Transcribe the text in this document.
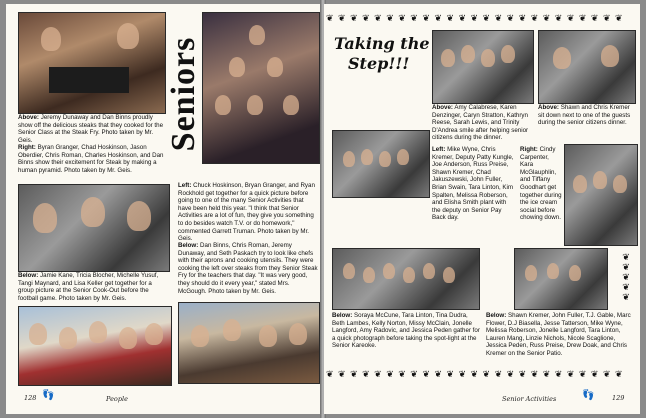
Above: Jeremy Dunaway and Dan Binns proudly show off the delicious steaks that they cooked for the Senior Class at the Steak Fry. Photo taken by Mr. Geis.
Right: Byran Granger, Chad Hoskinson, Jason Oberdier, Chris Roman, Charles Hoskinson, and Dan Binns show their excitement for Steak by making a human pyramid. Photo taken by Mr. Geis.
Seniors
Left: Chuck Hoskinson, Bryan Granger, and Ryan Rockhold get together for a quick picture before going to one of the many Senior Activities that have been held this year. "I think that Senior Activities are a lot of fun, they give you something to do besides watch T.V. or do homework," commented Garrett Truman. Photo taken by Mr. Geis.
Below: Dan Binns, Chris Roman, Jeremy Dunaway, and Seth Paskach try to look like chefs with their aprons and cooking utensils. They were cooking the left over steaks from they Senior Steak Fry for the teachers that day. "It was very good, they should do it every year," stated Mrs. McGough. Photo taken by Mr. Geis.
Below: Jamie Kane, Tricia Blocher, Michelle Yusuf, Tangi Maynard, and Lisa Keller get together for a group picture at the Senior Cook-Out before the football game. Photo taken by Mr. Geis.
128 👣	People
❦ ❦ ❦ ❦ ❦ ❦ ❦ ❦ ❦ ❦ ❦ ❦ ❦ ❦ ❦ ❦ ❦ ❦ ❦ ❦ ❦ ❦ ❦ ❦ ❦
Taking the
Step!!!
Above: Amy Calabrese, Karen Denzinger, Caryn Stratton, Kathryn Reese, Sarah Lewis, and Trinity D'Andrea smile after helping senior citizens during the dinner.
Above: Shawn and Chris Kremer sit down next to one of the guests during the senior citizens dinner.
Left: Mike Wyne, Chris Kremer, Deputy Patty Kungle, Joe Anderson, Russ Preise, Shawn Kremer, Chad Jakuszewski, John Fuller, Brian Swain, Tara Linton, Kim Spalten, Melissa Roberson, and Elisha Smith plant with the deputy on Senior Pay Back day.
Right: Cindy Carpenter, Kara McGlauphlin, and Tiffany Goodhart get together during the ice cream social before chowing down.
❦
❦
❦
❦
❦
Below: Soraya McCune, Tara Linton, Tina Dudra, Beth Lambes, Kelly Norton, Missy McClain, Jonelle Langford, Amy Radovic, and Jessica Peden gather for a quick photograph before taking the spot-light at the Senior Kareoke.
Below: Shawn Kremer, John Fuller, T.J. Gable, Marc Flower, D.J Biasella, Jesse Tatterson, Mike Wyne, Melissa Roberson, Jonelle Langford, Tara Linton, Lauren Mang, Linzie Nichols, Nicole Scaglione, Jessica Peden, Russ Preise, Drew Doak, and Chris Kremer on the Senior Patio.
❦ ❦ ❦ ❦ ❦ ❦ ❦ ❦ ❦ ❦ ❦ ❦ ❦ ❦ ❦ ❦ ❦ ❦ ❦ ❦ ❦ ❦ ❦ ❦ ❦
Senior Activities	👣	129
